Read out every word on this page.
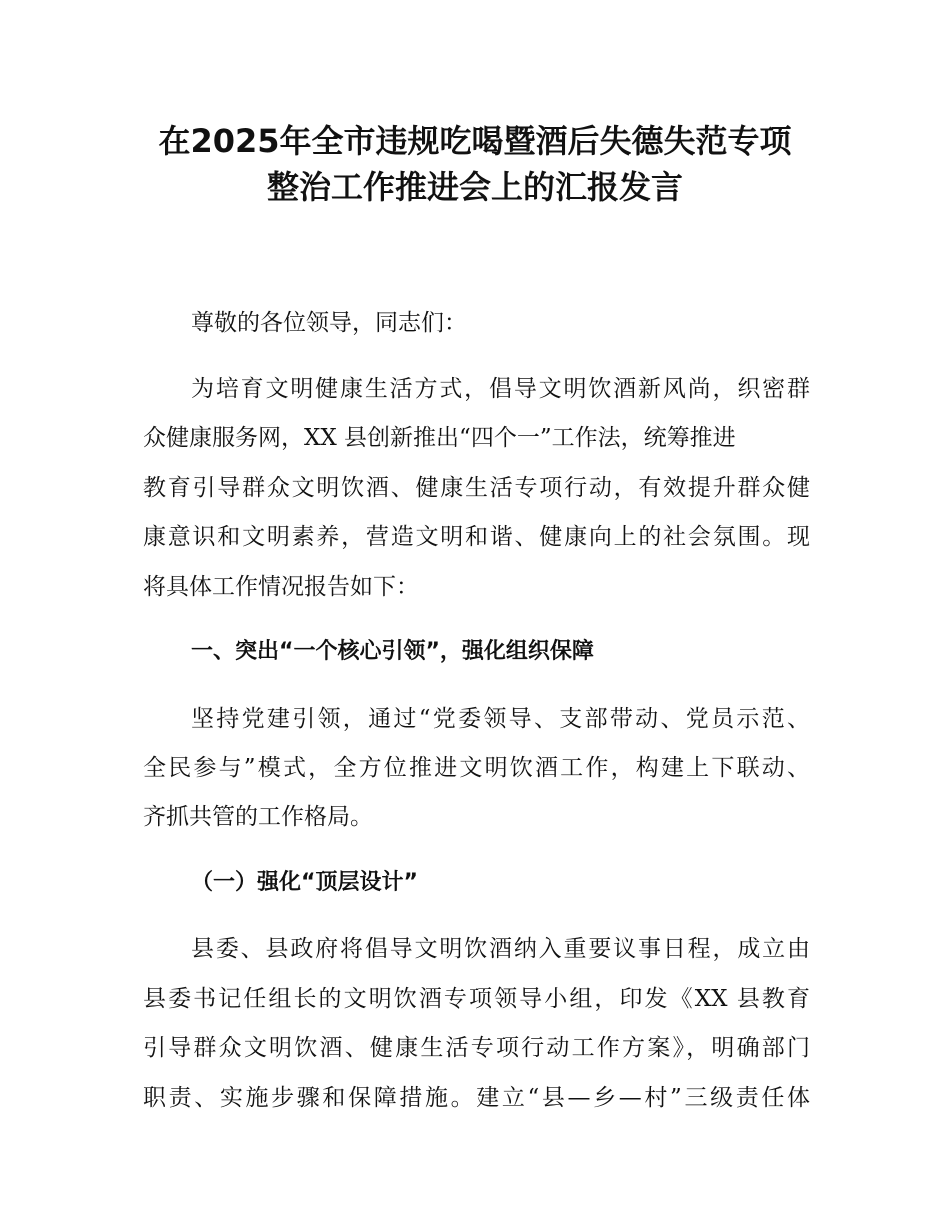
在2025年全市违规吃喝暨酒后失德失范专项
整治工作推进会上的汇报发言
尊敬的各位领导，同志们：
为培育文明健康生活方式，倡导文明饮酒新风尚，织密群
众健康服务网，XX 县创新推出“四个一”工作法，统筹推进
教育引导群众文明饮酒、健康生活专项行动，有效提升群众健
康意识和文明素养，营造文明和谐、健康向上的社会氛围。现
将具体工作情况报告如下：
一、突出“一个核心引领”，强化组织保障
坚持党建引领，通过“党委领导、支部带动、党员示范、
全民参与”模式，全方位推进文明饮酒工作，构建上下联动、
齐抓共管的工作格局。
（一）强化“顶层设计”
县委、县政府将倡导文明饮酒纳入重要议事日程，成立由
县委书记任组长的文明饮酒专项领导小组，印发《XX 县教育
引导群众文明饮酒、健康生活专项行动工作方案》，明确部门
职责、实施步骤和保障措施。建立“县—乡—村”三级责任体
